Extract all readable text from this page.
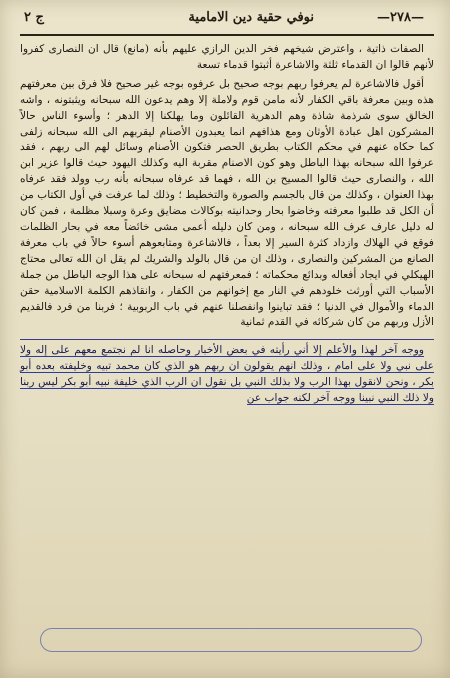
—٢٧٨—
نوفي حقية دين الامامية
ج ٢

الصفات ذاتية ، واعترض شيخهم فخر الدين الرازي عليهم بأنه (مانع) قال ان النصارى كفروا لأنهم قالوا ان القدماء ثلثة والاشاعرة أثبتوا قدماء تسعة

أقول فالاشاعرة لم يعرفوا ربهم بوجه صحيح بل عرفوه بوجه غير صحيح فلا فرق بين معرفتهم هذه وبين معرفة باقي الكفار لأنه مامن قوم ولاملة إلا وهم يدعون الله سبحانه ويثبتونه ، واشه الخالق سوى شرذمة شاذة وهم الدهرية القائلون وما يهلكنا إلا الدهر ؛ وأسوء الناس حالاً المشركون اهل عبادة الأوثان ومع هذافهم انما يعبدون الأصنام ليقربهم الى الله سبحانه زلفى كما حكاه عنهم في محكم الكتاب بطريق الحصر فتكون الأصنام وسائل لهم الى ربهم ، فقد عرفوا الله سبحانه بهذا الباطل وهو كون الاصنام مقربة اليه وكذلك اليهود حيث قالوا عزير ابن الله ، والنصارى حيث قالوا المسيح بن الله ، فهما قد عرفاه سبحانه بأنه رب وولد فقد عرفاه بهذا العنوان ، وكذلك من قال بالجسم والصورة والتخطيط ؛ وذلك لما عرفت في أول الكتاب من أن الكل قد طلبوا معرفته وخاضوا بحار وحدانيته بوكالات مضايق وعرة وسبلا مظلمة ، فمن كان له دليل عارف عرف الله سبحانه ، ومن كان دليله أعمى مشى خائضاً معه في بحار الظلمات فوقع في الهلاك وازداد كثرة السير إلا بعداً ، فالاشاعرة ومتابعوهم أسوء حالاً في باب معرفة الصانع من المشركين والنصارى ، وذلك ان من قال بالولد والشريك لم يقل ان الله تعالى محتاج الهيكلي في ايجاد أفعاله وبدائع محكماته ؛ فمعرفتهم له سبحانه على هذا الوجه الباطل من جملة الأسباب التي أورثت خلودهم في النار مع إخوانهم من الكفار ، وانقاذهم الكلمة الاسلامية حقن الدماء والأموال في الدنيا ؛ فقد تباينوا وانفصلنا عنهم في باب الربوبية ؛ فربنا من فرد فالقديم الأزل وربهم من كان شركائه في القدم ثمانية

ووجه آخر لهذا والأعلم إلا أني رأيته في بعض الأخبار وحاصله انا لم نجتمع معهم على إله ولا على نبي ولا على امام ، وذلك انهم يقولون ان ربهم هو الذي كان محمد تبيه وخليفته بعده أبو بكر ، ونحن لانقول بهذا الرب ولا بذلك النبي بل نقول ان الرب الذي خليفة نبيه أبو بكر ليس ربنا ولا ذلك النبي نبينا ووجه آخر لكنه جواب عن
